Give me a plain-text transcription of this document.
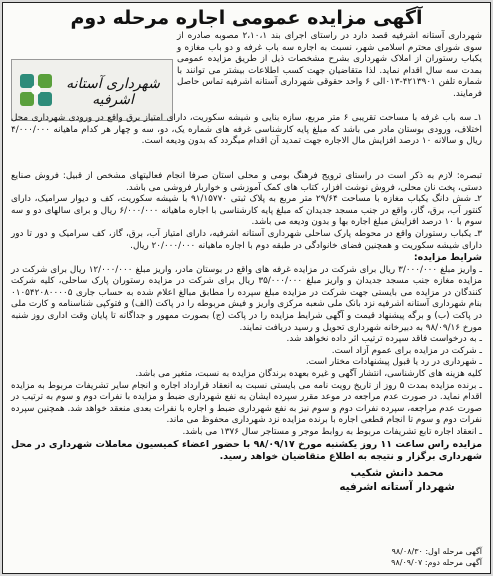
آگهی مزایده عمومی اجاره مرحله دوم

شهرداری آستانه اشرفیه قصد دارد در راستای اجرای بند ۲،۱۰،۱ مصوبه صادره از سوی شورای محترم اسلامی شهر، نسبت به اجاره سه باب غرفه و دو باب مغازه و یکباب رستوران از املاک شهرداری بشرح مشخصات ذیل از طریق مزایده عمومی بمدت سه سال اقدام نماید. لذا متقاضیان جهت کسب اطلاعات بیشتر می توانند با شماره تلفن ۴۲۱۳۹۰۱-۰۱۳الی ۶ واحد حقوقی شهرداری آستانه اشرفیه تماس حاصل فرمایند.

شهرداری آستانه اشرفیه

۱ـ سه باب غرفه با مساحت تقریبی ۶ متر مربع، سازه بنایی و شیشه سکوریت، دارای امتیاز برق واقع در ورودی شهرداری محل اختلاف، ورودی بوستان مادر می باشد که مبلغ پایه کارشناسی غرفه های شماره یک، دو، سه و چهار هر کدام ماهیانه ۴/۰۰۰/۰۰۰ ریال و سالانه ۱۰ درصد افزایش مال الاجاره جهت تمدید آن اقدام میگردد که بدون ودیعه است.

تبصره: لازم به ذکر است در راستای ترویج فرهنگ بومی و محلی استان صرفا انجام فعالیتهای مشخص از قبیل: فروش صنایع دستی، پخت نان محلی، فروش نوشت افزار، کتاب های کمک آموزشی و خواربار فروشی می باشد.

۲ـ شش دانگ یکباب مغازه با مساحت ۲۹/۶۴ متر مربع به پلاک ثبتی ۹۱/۱۵۷۷۰ با شیشه سکوریت، کف و دیوار سرامیک، دارای کنتور آب، برق، گاز، واقع در جنب مسجد جدیدان که مبلغ پایه کارشناسی با اجاره ماهیانه ۶/۰۰۰/۰۰۰ ریال و برای سالهای دو و سه سوم با ۱۰ درصد افزایش مبلغ اجاره بها و بدون ودیعه می باشد.

۳ـ یکباب رستوران واقع در محوطه پارک ساحلی شهرداری آستانه اشرفیه، دارای امتیاز آب، برق، گاز، کف سرامیک و دور تا دور دارای شیشه سکوریت و همچنین فضای خانوادگی در طبقه دوم با اجاره ماهیانه ۲۰/۰۰۰/۰۰۰ ریال.

شرایط مزایده:

ـ واریز مبلغ ۳/۰۰۰/۰۰۰ ریال برای شرکت در مزایده غرفه های واقع در بوستان مادر، واریز مبلغ ۱۲/۰۰۰/۰۰۰ ریال برای شرکت در مزایده مغازه جنب مسجد جدیدان و واریز مبلغ ۳۵/۰۰۰/۰۰۰ ریال برای شرکت در مزایده رستوران پارک ساحلی، کلیه شرکت کنندگان در مزایده می بایستی جهت شرکت در مزایده مبلغ سپرده را مطابق مبالغ اعلام شده به حساب جاری ۰۱۰۵۴۲۰۸۰۰۰۰۵ بنام شهرداری آستانه اشرفیه نزد بانک ملی شعبه مرکزی واریز و فیش مربوطه را در پاکت (الف) و فتوکپی شناسنامه و کارت ملی در پاکت (ب) و برگه پیشنهاد قیمت و آگهی شرایط مزایده را در پاکت (ج) بصورت ممهور و جداگانه تا پایان وقت اداری روز شنبه مورخ ۹۸/۰۹/۱۶ به دبیرخانه شهرداری تحویل و رسید دریافت نمایند.

ـ به درخواست فاقد سپرده ترتیب اثر داده نخواهد شد.

ـ شرکت در مزایده برای عموم آزاد است.

ـ شهرداری در رد یا قبول پیشنهادات مختار است.

کلیه هزینه های کارشناسی، انتشار آگهی و غیره بعهده برندگان مزایده به نسبت، متغیر می باشد.

ـ برنده مزایده بمدت ۵ روز از تاریخ رویت نامه می بایستی نسبت به انعقاد قرارداد اجاره و انجام سایر تشریفات مربوط به مزایده اقدام نماید. در صورت عدم مراجعه در موعد مقرر سپرده ایشان به نفع شهرداری ضبط و مزایده با نفرات دوم و سوم به ترتیب در صورت عدم مراجعه، سپرده نفرات دوم و سوم نیز به نفع شهرداری ضبط و اجاره با نفرات بعدی منعقد خواهد شد. همچنین سپرده نفرات دوم و سوم تا انجام قطعی اجاره با برنده مزایده نزد شهرداری محفوظ می ماند.

ـ انعقاد اجاره تابع تشریفات مربوط به روابط موجر و مستاجر سال ۱۳۷۶ می باشد.

مزایده راس ساعت ۱۱ روز یکشنبه مورخ ۹۸/۰۹/۱۷ با حضور اعضاء کمیسیون معاملات شهرداری در محل شهرداری برگزار و نتیجه به اطلاع متقاضیان خواهد رسید.

محمد دانش شکیب
شهردار آستانه اشرفیه
آگهی مرحله اول: ۹۸/۰۸/۳۰
آگهی مرحله دوم: ۹۸/۰۹/۰۷
